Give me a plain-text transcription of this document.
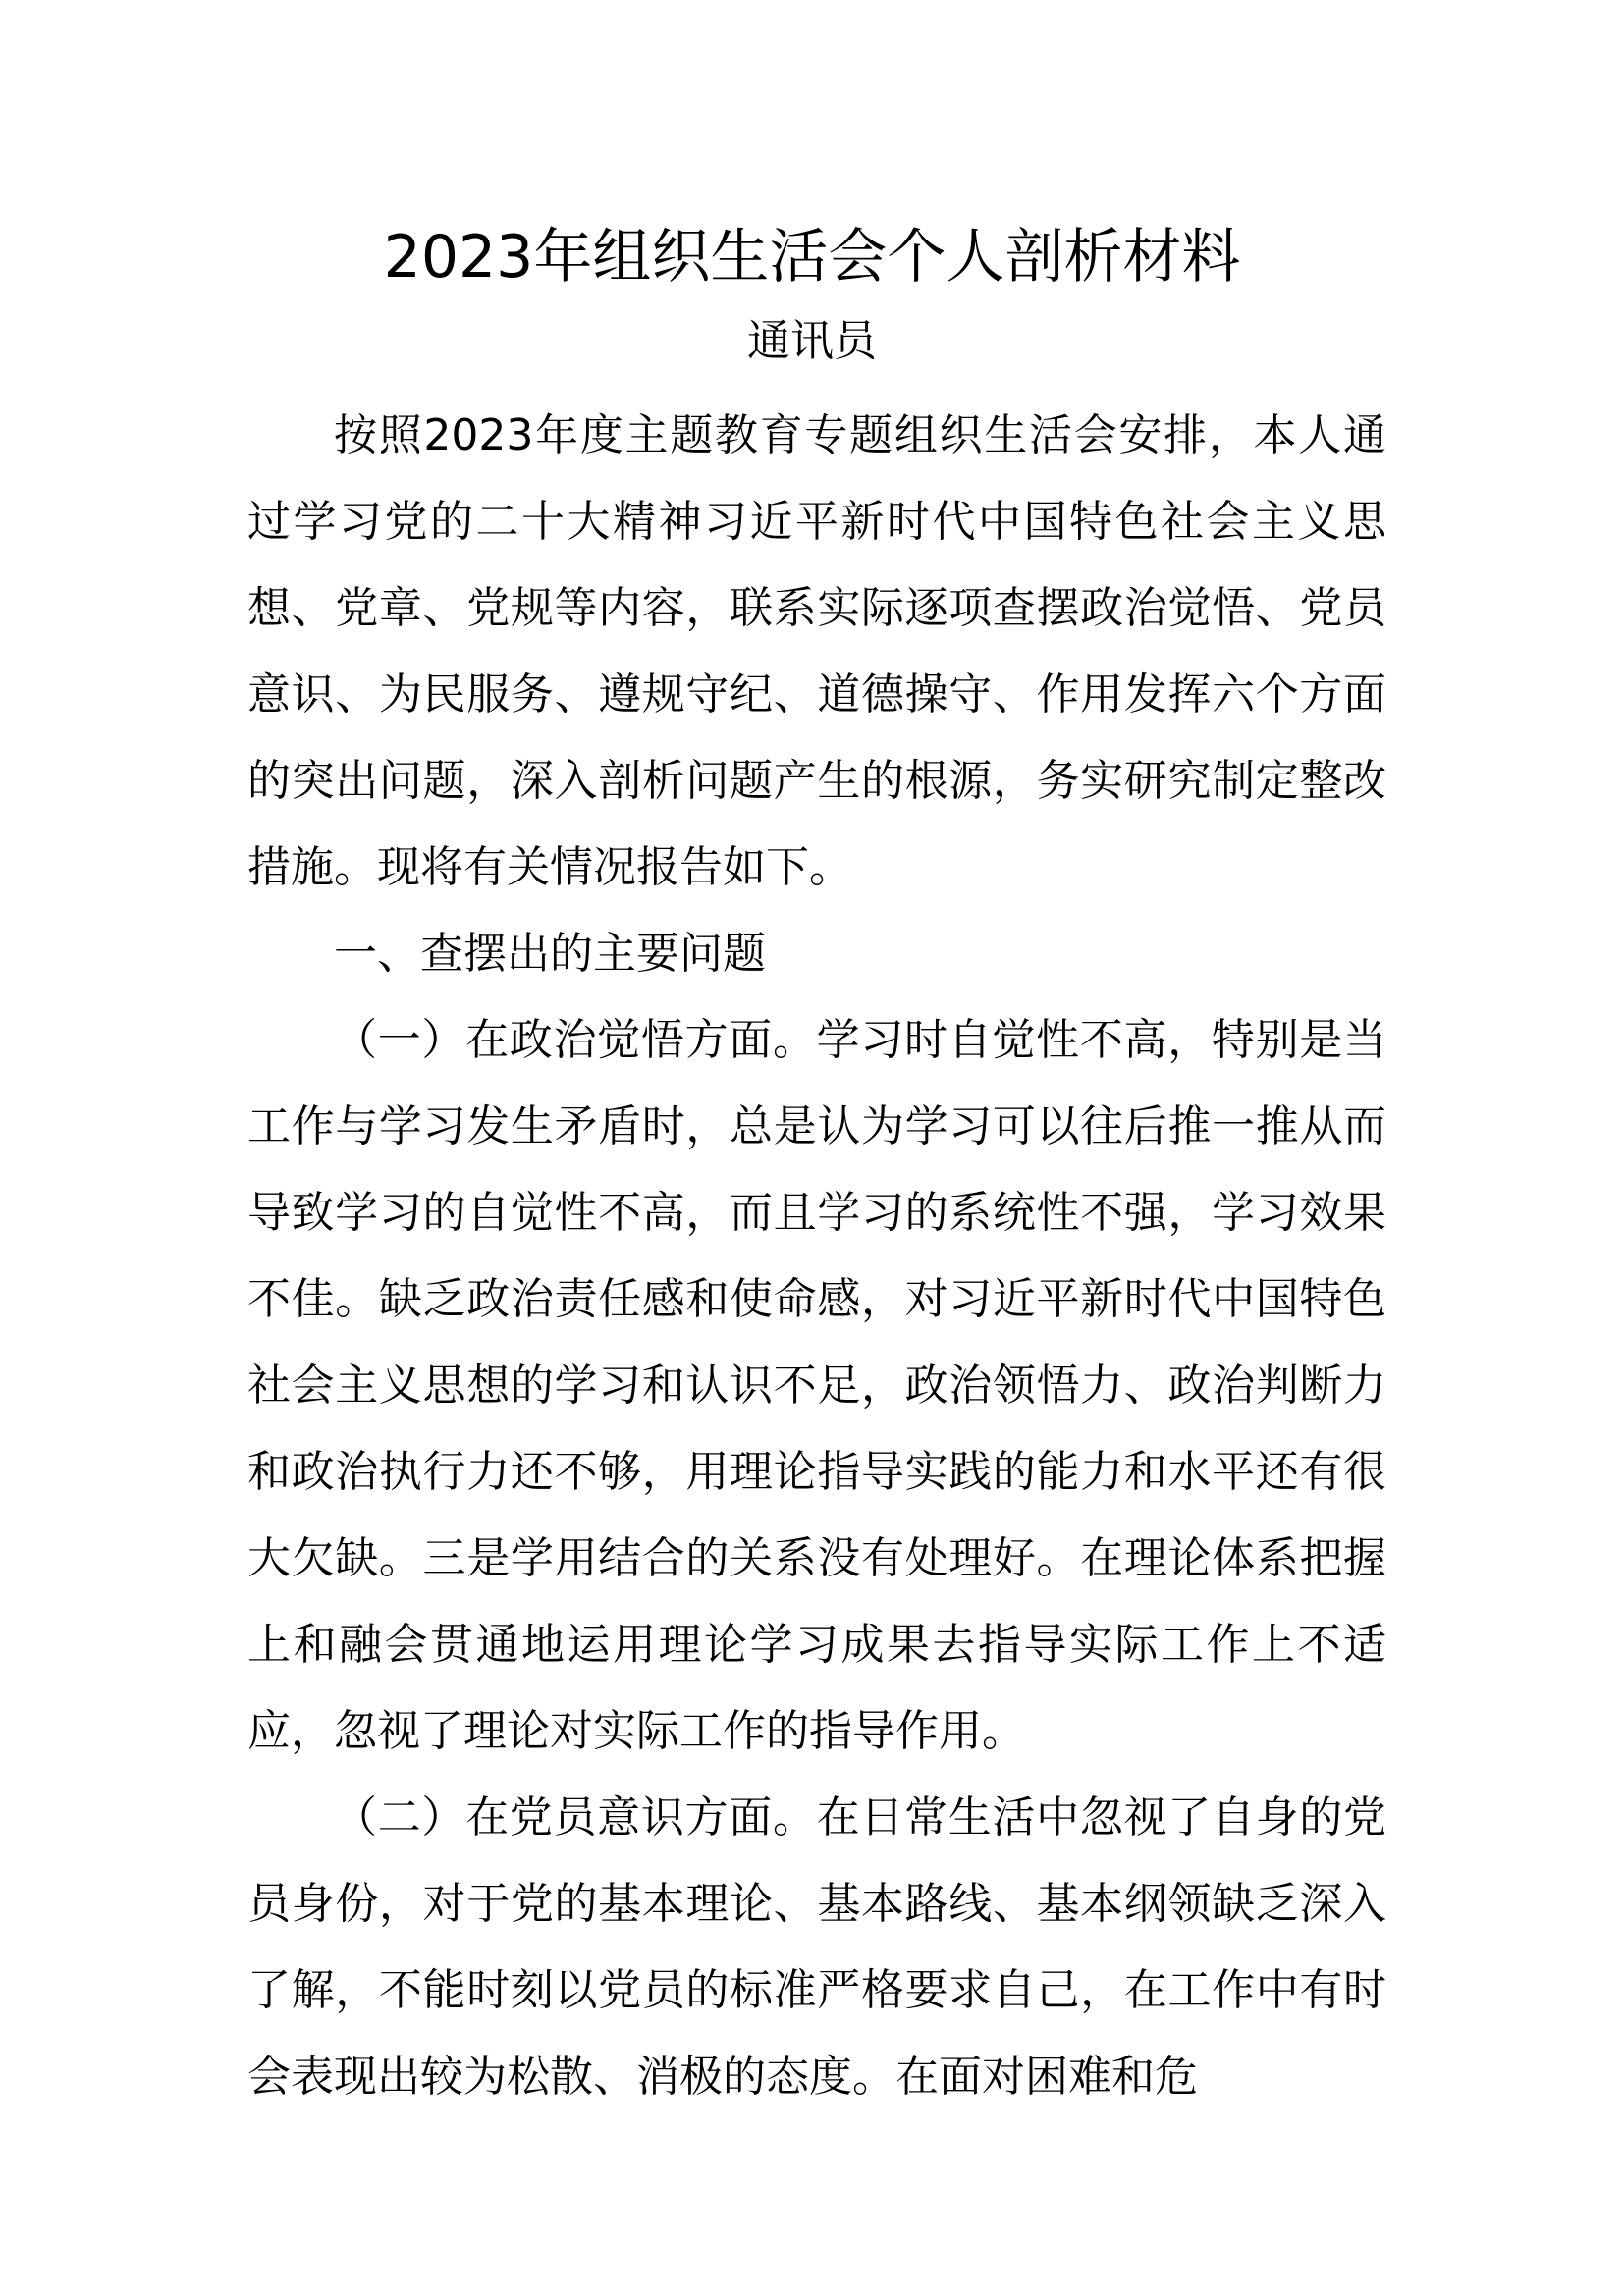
2023年组织生活会个人剖析材料
通讯员

按照2023年度主题教育专题组织生活会安排，本人通过学习党的二十大精神习近平新时代中国特色社会主义思想、党章、党规等内容，联系实际逐项查摆政治觉悟、党员意识、为民服务、遵规守纪、道德操守、作用发挥六个方面的突出问题，深入剖析问题产生的根源，务实研究制定整改措施。现将有关情况报告如下。

一、查摆出的主要问题

（一）在政治觉悟方面。学习时自觉性不高，特别是当工作与学习发生矛盾时，总是认为学习可以往后推一推从而导致学习的自觉性不高，而且学习的系统性不强，学习效果不佳。缺乏政治责任感和使命感，对习近平新时代中国特色社会主义思想的学习和认识不足，政治领悟力、政治判断力和政治执行力还不够，用理论指导实践的能力和水平还有很大欠缺。三是学用结合的关系没有处理好。在理论体系把握上和融会贯通地运用理论学习成果去指导实际工作上不适应，忽视了理论对实际工作的指导作用。

（二）在党员意识方面。在日常生活中忽视了自身的党员身份，对于党的基本理论、基本路线、基本纲领缺乏深入了解，不能时刻以党员的标准严格要求自己，在工作中有时会表现出较为松散、消极的态度。在面对困难和危
